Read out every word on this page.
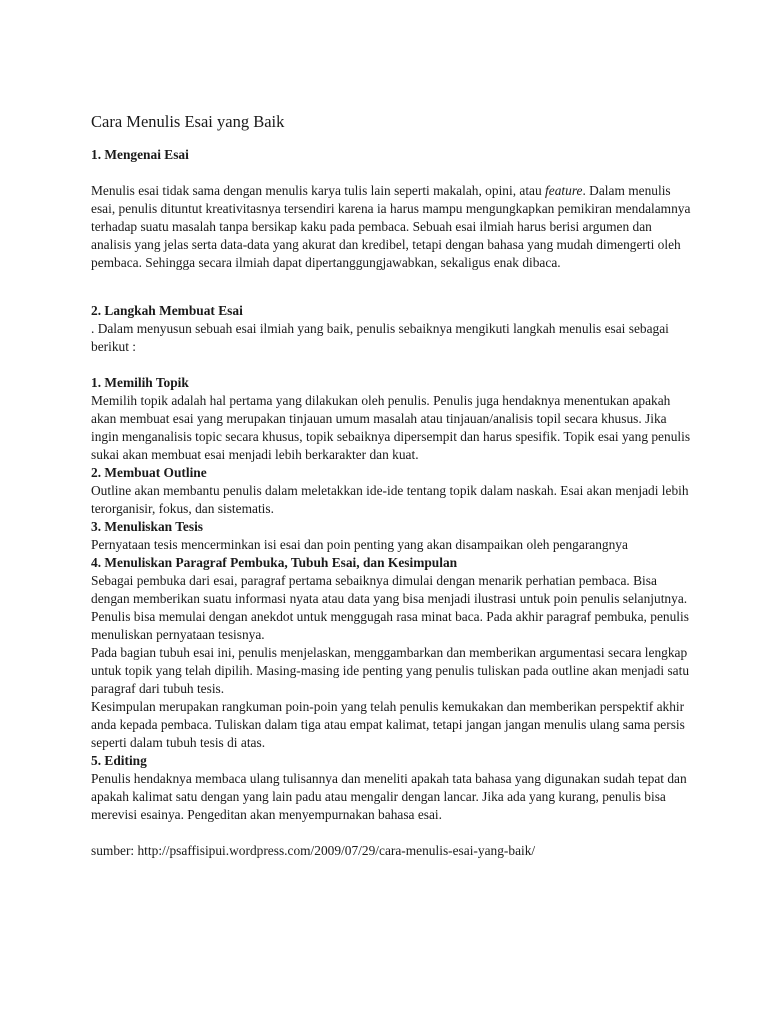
Cara Menulis Esai yang Baik

1. Mengenai Esai

Menulis esai tidak sama dengan menulis karya tulis lain seperti makalah, opini, atau feature. Dalam menulis esai, penulis dituntut kreativitasnya tersendiri karena ia harus mampu mengungkapkan pemikiran mendalamnya terhadap suatu masalah tanpa bersikap kaku pada pembaca. Sebuah esai ilmiah harus berisi argumen dan analisis yang jelas serta data-data yang akurat dan kredibel, tetapi dengan bahasa yang mudah dimengerti oleh pembaca. Sehingga secara ilmiah dapat dipertanggungjawabkan, sekaligus enak dibaca.

2. Langkah Membuat Esai

. Dalam menyusun sebuah esai ilmiah yang baik, penulis sebaiknya mengikuti langkah menulis esai sebagai berikut :

1. Memilih Topik

Memilih topik adalah hal pertama yang dilakukan oleh penulis. Penulis juga hendaknya menentukan apakah akan membuat esai yang merupakan tinjauan umum masalah atau tinjauan/analisis topil secara khusus. Jika ingin menganalisis topic secara khusus, topik sebaiknya dipersempit dan harus spesifik. Topik esai yang penulis sukai akan membuat esai menjadi lebih berkarakter dan kuat.

2. Membuat Outline

Outline akan membantu penulis dalam meletakkan ide-ide tentang topik dalam naskah. Esai akan menjadi lebih terorganisir, fokus, dan sistematis.

3. Menuliskan Tesis

Pernyataan tesis mencerminkan isi esai dan poin penting yang akan disampaikan oleh pengarangnya

4. Menuliskan Paragraf Pembuka, Tubuh Esai, dan Kesimpulan

Sebagai pembuka dari esai, paragraf pertama sebaiknya dimulai dengan menarik perhatian pembaca. Bisa dengan memberikan suatu informasi nyata atau data yang bisa menjadi ilustrasi untuk poin penulis selanjutnya. Penulis bisa memulai dengan anekdot untuk menggugah rasa minat baca. Pada akhir paragraf pembuka, penulis menuliskan pernyataan tesisnya.

Pada bagian tubuh esai ini, penulis menjelaskan, menggambarkan dan memberikan argumentasi secara lengkap untuk topik yang telah dipilih. Masing-masing ide penting yang penulis tuliskan pada outline akan menjadi satu paragraf dari tubuh tesis.

Kesimpulan merupakan rangkuman poin-poin yang telah penulis kemukakan dan memberikan perspektif akhir anda kepada pembaca. Tuliskan dalam tiga atau empat kalimat, tetapi jangan jangan menulis ulang sama persis seperti dalam tubuh tesis di atas.

5. Editing

Penulis hendaknya membaca ulang tulisannya dan meneliti apakah tata bahasa yang digunakan sudah tepat dan apakah kalimat satu dengan yang lain padu atau mengalir dengan lancar. Jika ada yang kurang, penulis bisa merevisi esainya. Pengeditan akan menyempurnakan bahasa esai.

sumber: http://psaffisipui.wordpress.com/2009/07/29/cara-menulis-esai-yang-baik/
